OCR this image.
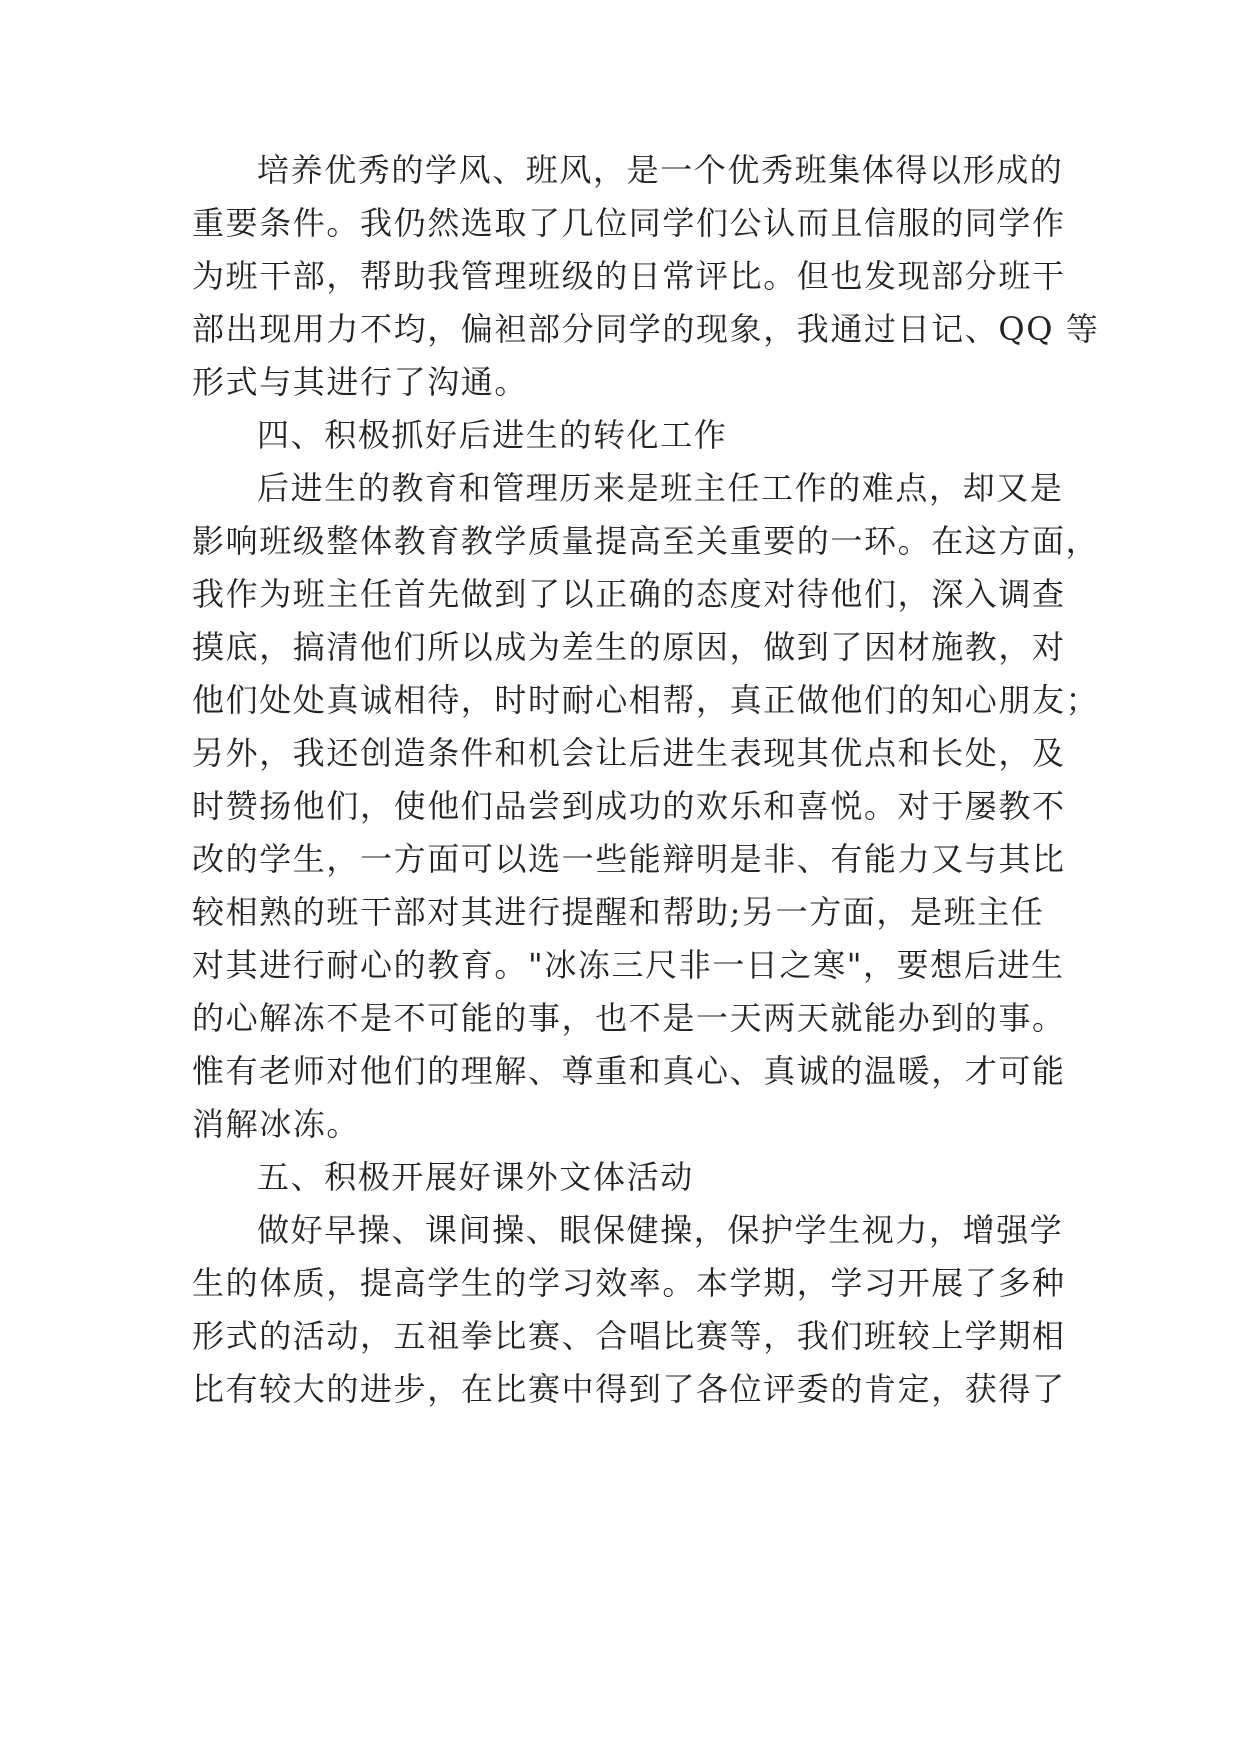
培养优秀的学风、班风，是一个优秀班集体得以形成的
重要条件。我仍然选取了几位同学们公认而且信服的同学作
为班干部，帮助我管理班级的日常评比。但也发现部分班干
部出现用力不均，偏袒部分同学的现象，我通过日记、QQ 等
形式与其进行了沟通。
四、积极抓好后进生的转化工作
后进生的教育和管理历来是班主任工作的难点，却又是
影响班级整体教育教学质量提高至关重要的一环。在这方面，
我作为班主任首先做到了以正确的态度对待他们，深入调查
摸底，搞清他们所以成为差生的原因，做到了因材施教，对
他们处处真诚相待，时时耐心相帮，真正做他们的知心朋友；
另外，我还创造条件和机会让后进生表现其优点和长处，及
时赞扬他们，使他们品尝到成功的欢乐和喜悦。对于屡教不
改的学生，一方面可以选一些能辩明是非、有能力又与其比
较相熟的班干部对其进行提醒和帮助;另一方面，是班主任
对其进行耐心的教育。"冰冻三尺非一日之寒"，要想后进生
的心解冻不是不可能的事，也不是一天两天就能办到的事。
惟有老师对他们的理解、尊重和真心、真诚的温暖，才可能
消解冰冻。
五、积极开展好课外文体活动
做好早操、课间操、眼保健操，保护学生视力，增强学
生的体质，提高学生的学习效率。本学期，学习开展了多种
形式的活动，五祖拳比赛、合唱比赛等，我们班较上学期相
比有较大的进步，在比赛中得到了各位评委的肯定，获得了
